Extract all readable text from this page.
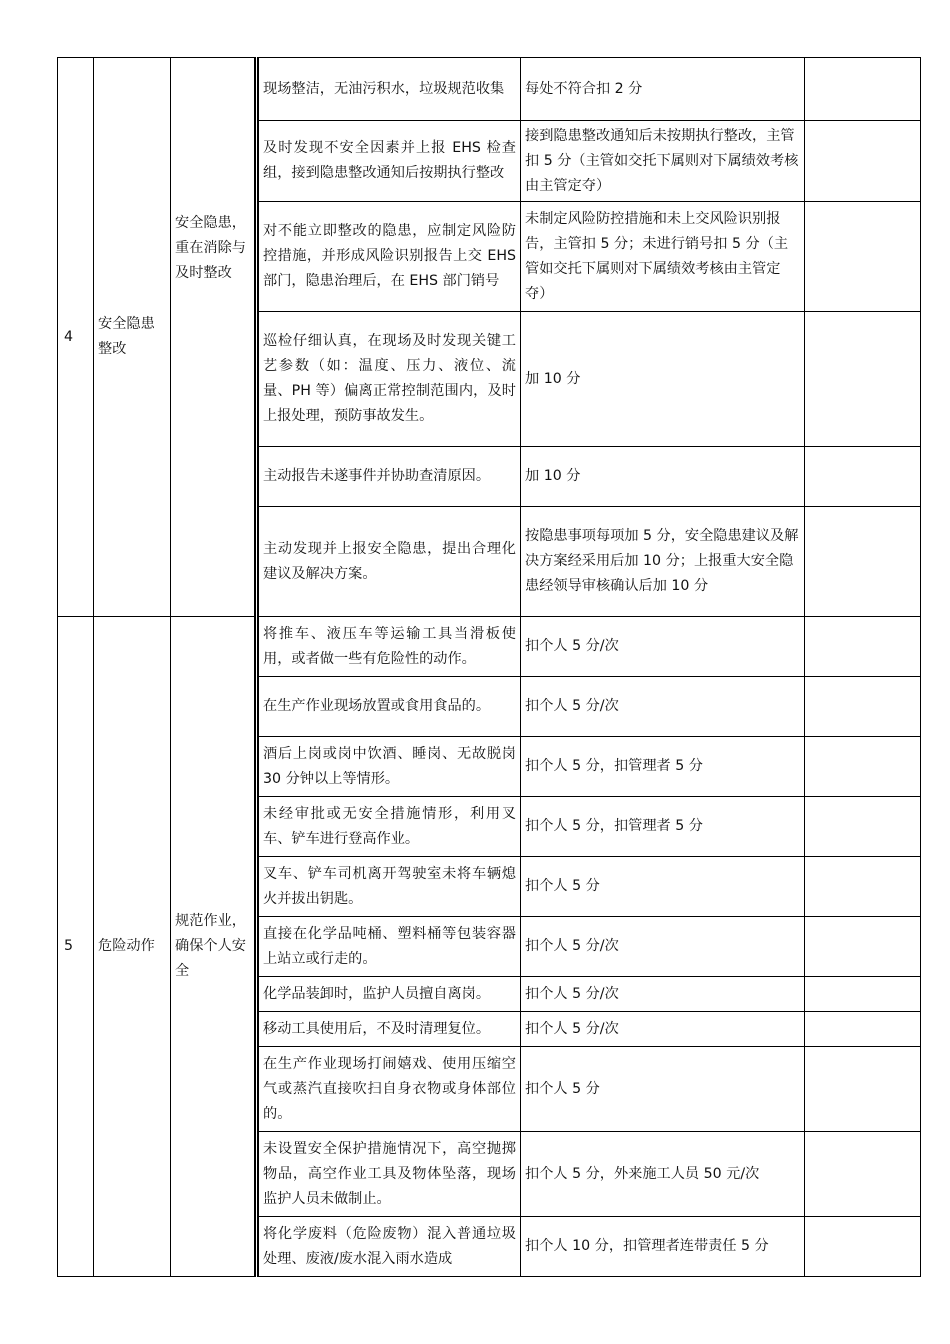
4	安全隐患整改	安全隐患，重在消除与及时整改	现场整洁，无油污积水，垃圾规范收集	每处不符合扣 2 分	
			及时发现不安全因素并上报 EHS 检查组，接到隐患整改通知后按期执行整改	接到隐患整改通知后未按期执行整改，主管扣 5 分（主管如交托下属则对下属绩效考核由主管定夺）	
			对不能立即整改的隐患，应制定风险防控措施，并形成风险识别报告上交 EHS 部门，隐患治理后，在 EHS 部门销号	未制定风险防控措施和未上交风险识别报告，主管扣 5 分；未进行销号扣 5 分（主管如交托下属则对下属绩效考核由主管定夺）	
			巡检仔细认真，在现场及时发现关键工艺参数（如：温度、压力、液位、流量、PH 等）偏离正常控制范围内，及时上报处理，预防事故发生。	加 10 分	
			主动报告未遂事件并协助查清原因。	加 10 分	
			主动发现并上报安全隐患，提出合理化建议及解决方案。	按隐患事项每项加 5 分，安全隐患建议及解决方案经采用后加 10 分；上报重大安全隐患经领导审核确认后加 10 分	
5	危险动作	规范作业，确保个人安全	将推车、液压车等运输工具当滑板使用，或者做一些有危险性的动作。	扣个人 5 分/次	
			在生产作业现场放置或食用食品的。	扣个人 5 分/次	
			酒后上岗或岗中饮酒、睡岗、无故脱岗 30 分钟以上等情形。	扣个人 5 分，扣管理者 5 分	
			未经审批或无安全措施情形，利用叉车、铲车进行登高作业。	扣个人 5 分，扣管理者 5 分	
			叉车、铲车司机离开驾驶室未将车辆熄火并拔出钥匙。	扣个人 5 分	
			直接在化学品吨桶、塑料桶等包装容器上站立或行走的。	扣个人 5 分/次	
			化学品装卸时，监护人员擅自离岗。	扣个人 5 分/次	
			移动工具使用后，不及时清理复位。	扣个人 5 分/次	
			在生产作业现场打闹嬉戏、使用压缩空气或蒸汽直接吹扫自身衣物或身体部位的。	扣个人 5 分	
			未设置安全保护措施情况下，高空抛掷物品，高空作业工具及物体坠落，现场监护人员未做制止。	扣个人 5 分，外来施工人员 50 元/次	
			将化学废料（危险废物）混入普通垃圾处理、废液/废水混入雨水造成	扣个人 10 分，扣管理者连带责任 5 分	
